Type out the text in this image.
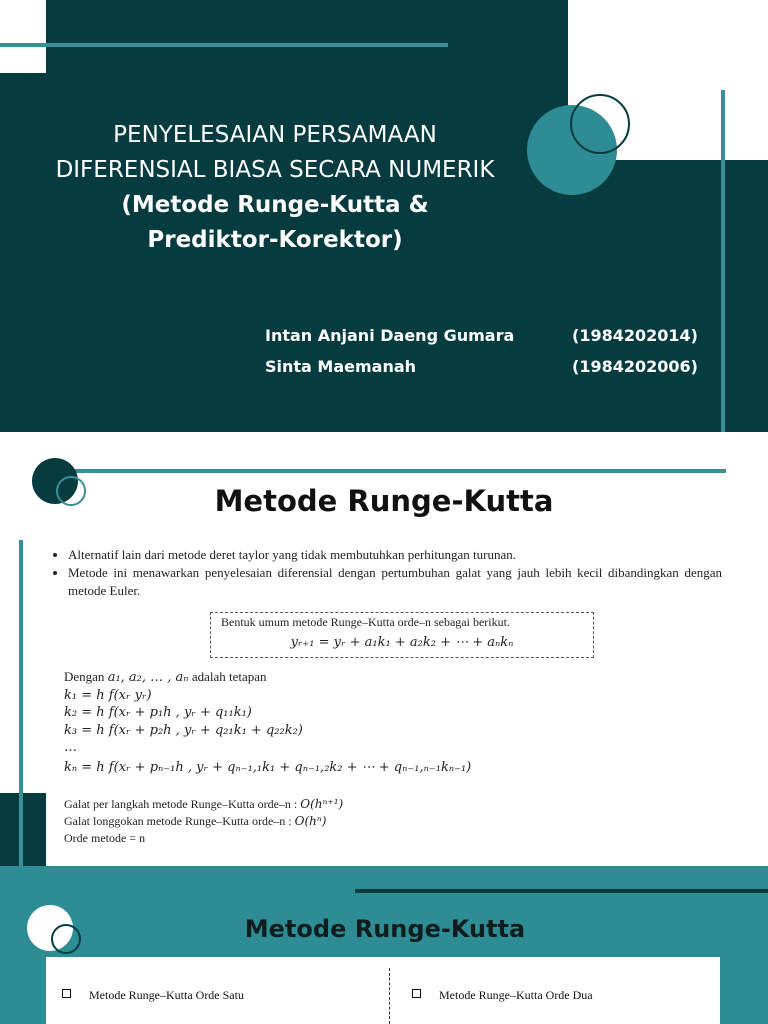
PENYELESAIAN PERSAMAAN
DIFERENSIAL BIASA SECARA NUMERIK
(Metode Runge-Kutta &
Prediktor-Korektor)
Intan Anjani Daeng Gumara	(1984202014)
Sinta Maemanah	(1984202006)
Metode Runge-Kutta
• Alternatif lain dari metode deret taylor yang tidak membutuhkan perhitungan turunan.
• Metode ini menawarkan penyelesaian diferensial dengan pertumbuhan galat yang jauh lebih kecil dibandingkan dengan metode Euler.
Bentuk umum metode Runge–Kutta orde–n sebagai berikut.
yᵣ₊₁ = yᵣ + a₁k₁ + a₂k₂ + ⋯ + aₙkₙ
Dengan a₁, a₂, … , aₙ adalah tetapan
k₁ = h f(xᵣ yᵣ)
k₂ = h f(xᵣ + p₁h , yᵣ + q₁₁k₁)
k₃ = h f(xᵣ + p₂h , yᵣ + q₂₁k₁ + q₂₂k₂)
…
kₙ = h f(xᵣ + pₙ₋₁h , yᵣ + qₙ₋₁,₁k₁ + qₙ₋₁,₂k₂ + ⋯ + qₙ₋₁,ₙ₋₁kₙ₋₁)
Galat per langkah metode Runge–Kutta orde–n : O(hⁿ⁺¹)
Galat longgokan metode Runge–Kutta orde–n : O(hⁿ)
Orde metode = n
Metode Runge-Kutta
Metode Runge–Kutta Orde Satu	Metode Runge–Kutta Orde Dua
